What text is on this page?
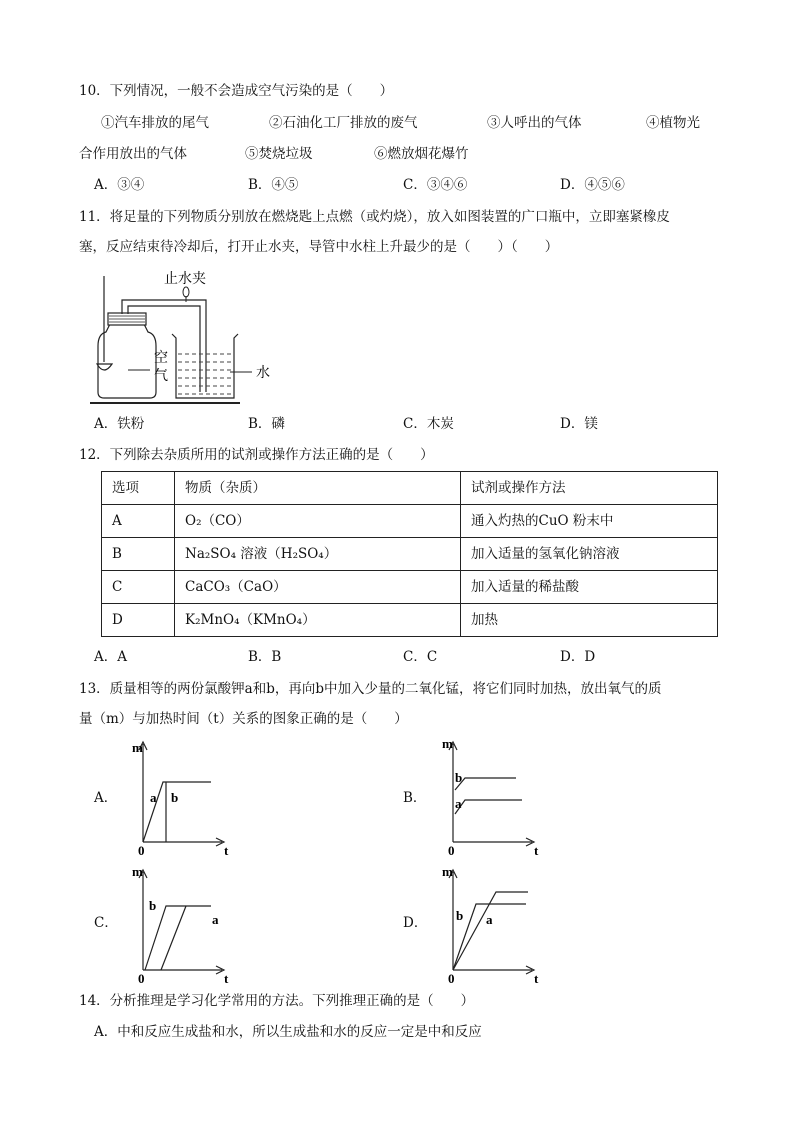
10．下列情况，一般不会造成空气污染的是（　　）
①汽车排放的尾气	②石油化工厂排放的废气	③人呼出的气体	④植物光
合作用放出的气体	⑤焚烧垃圾	⑥燃放烟花爆竹
A．③④	B．④⑤	C．③④⑥	D．④⑤⑥
11．将足量的下列物质分别放在燃烧匙上点燃（或灼烧），放入如图装置的广口瓶中，立即塞紧橡皮
塞，反应结束待冷却后，打开止水夹，导管中水柱上升最少的是（　　）（　　）
止水夹
空
气	水
A．铁粉	B．磷	C．木炭	D．镁
12．下列除去杂质所用的试剂或操作方法正确的是（　　）
选项	物质（杂质）	试剂或操作方法
A	O₂（CO）	通入灼热的CuO 粉末中
B	Na₂SO₄ 溶液（H₂SO₄）	加入适量的氢氧化钠溶液
C	CaCO₃（CaO）	加入适量的稀盐酸
D	K₂MnO₄（KMnO₄）	加热
A．A	B．B	C．C	D．D
13．质量相等的两份氯酸钾a和b，再向b中加入少量的二氧化锰，将它们同时加热，放出氧气的质
量（m）与加热时间（t）关系的图象正确的是（　　）
A．	B．
C．	D．
m
0	t
a b
m
0	t
b
a
m
0	t
b
a
m
0	t
b a
14．分析推理是学习化学常用的方法。下列推理正确的是（　　）
A．中和反应生成盐和水，所以生成盐和水的反应一定是中和反应
